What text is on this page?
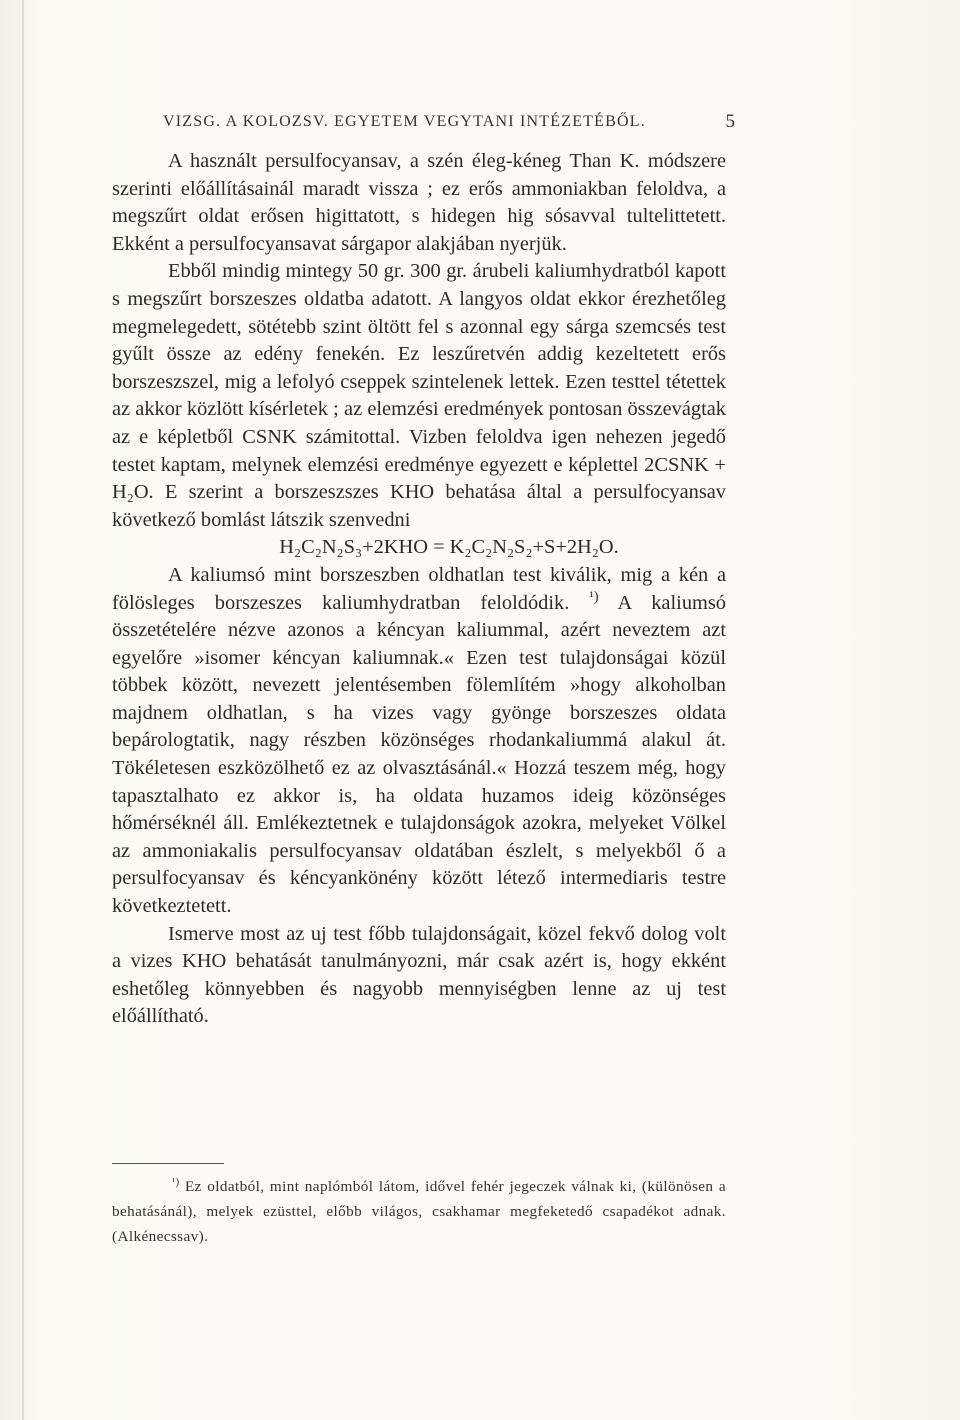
VIZSG. A KOLOZSV. EGYETEM VEGYTANI INTÉZETÉBŐL.	5

A használt persulfocyansav, a szén éleg-kéneg Than K. módszere szerinti előállításainál maradt vissza ; ez erős ammoniakban feloldva, a megszűrt oldat erősen higittatott, s hidegen hig sósavval tultelittetett. Ekként a persulfocyansavat sárgapor alakjában nyerjük.

Ebből mindig mintegy 50 gr. 300 gr. árubeli kaliumhydratból kapott s megszűrt borszeszes oldatba adatott. A langyos oldat ekkor érezhetőleg megmelegedett, sötétebb szint öltött fel s azonnal egy sárga szemcsés test gyűlt össze az edény fenekén. Ez leszűretvén addig kezeltetett erős borszeszszel, mig a lefolyó cseppek szintelenek lettek. Ezen testtel tétettek az akkor közlött kísérletek ; az elemzési eredmények pontosan összevágtak az e képletből CSNK számitottal. Vizben feloldva igen nehezen jegedő testet kaptam, melynek elemzési eredménye egyezett e képlettel 2CSNK + H₂O. E szerint a borszeszszes KHO behatása által a persulfocyansav következő bomlást látszik szenvedni

H₂C₂N₂S₃+2KHO = K₂C₂N₂S₂+S+2H₂O.

A kaliumsó mint borszeszben oldhatlan test kiválik, mig a kén a fölösleges borszeszes kaliumhydratban feloldódik. $^{^1)}$ A kaliumsó összetételére nézve azonos a kéncyan kaliummal, azért neveztem azt egyelőre »isomer kéncyan kaliumnak.« Ezen test tulajdonságai közül többek között, nevezett jelentésemben fölemlítém »hogy alkoholban majdnem oldhatlan, s ha vizes vagy gyönge borszeszes oldata bepárologtatik, nagy részben közönséges rhodankaliummá alakul át. Tökéletesen eszközölhető ez az olvasztásánál.« Hozzá teszem még, hogy tapasztalhato ez akkor is, ha oldata huzamos ideig közönséges hőmérséknél áll. Emlékeztetnek e tulajdonságok azokra, melyeket Völkel az ammoniakalis persulfocyansav oldatában észlelt, s melyekből ő a persulfocyansav és kéncyankönény között létező intermediaris testre következtetett.

Ismerve most az uj test főbb tulajdonságait, közel fekvő dolog volt a vizes KHO behatását tanulmányozni, már csak azért is, hogy ekként eshetőleg könnyebben és nagyobb mennyiségben lenne az uj test előállítható.

$^{^1)}$ Ez oldatból, mint naplómból látom, idővel fehér jegeczek válnak ki, (különösen a behatásánál), melyek ezüsttel, előbb világos, csakhamar megfeketedő csapadékot adnak. (Alkénecssav).
